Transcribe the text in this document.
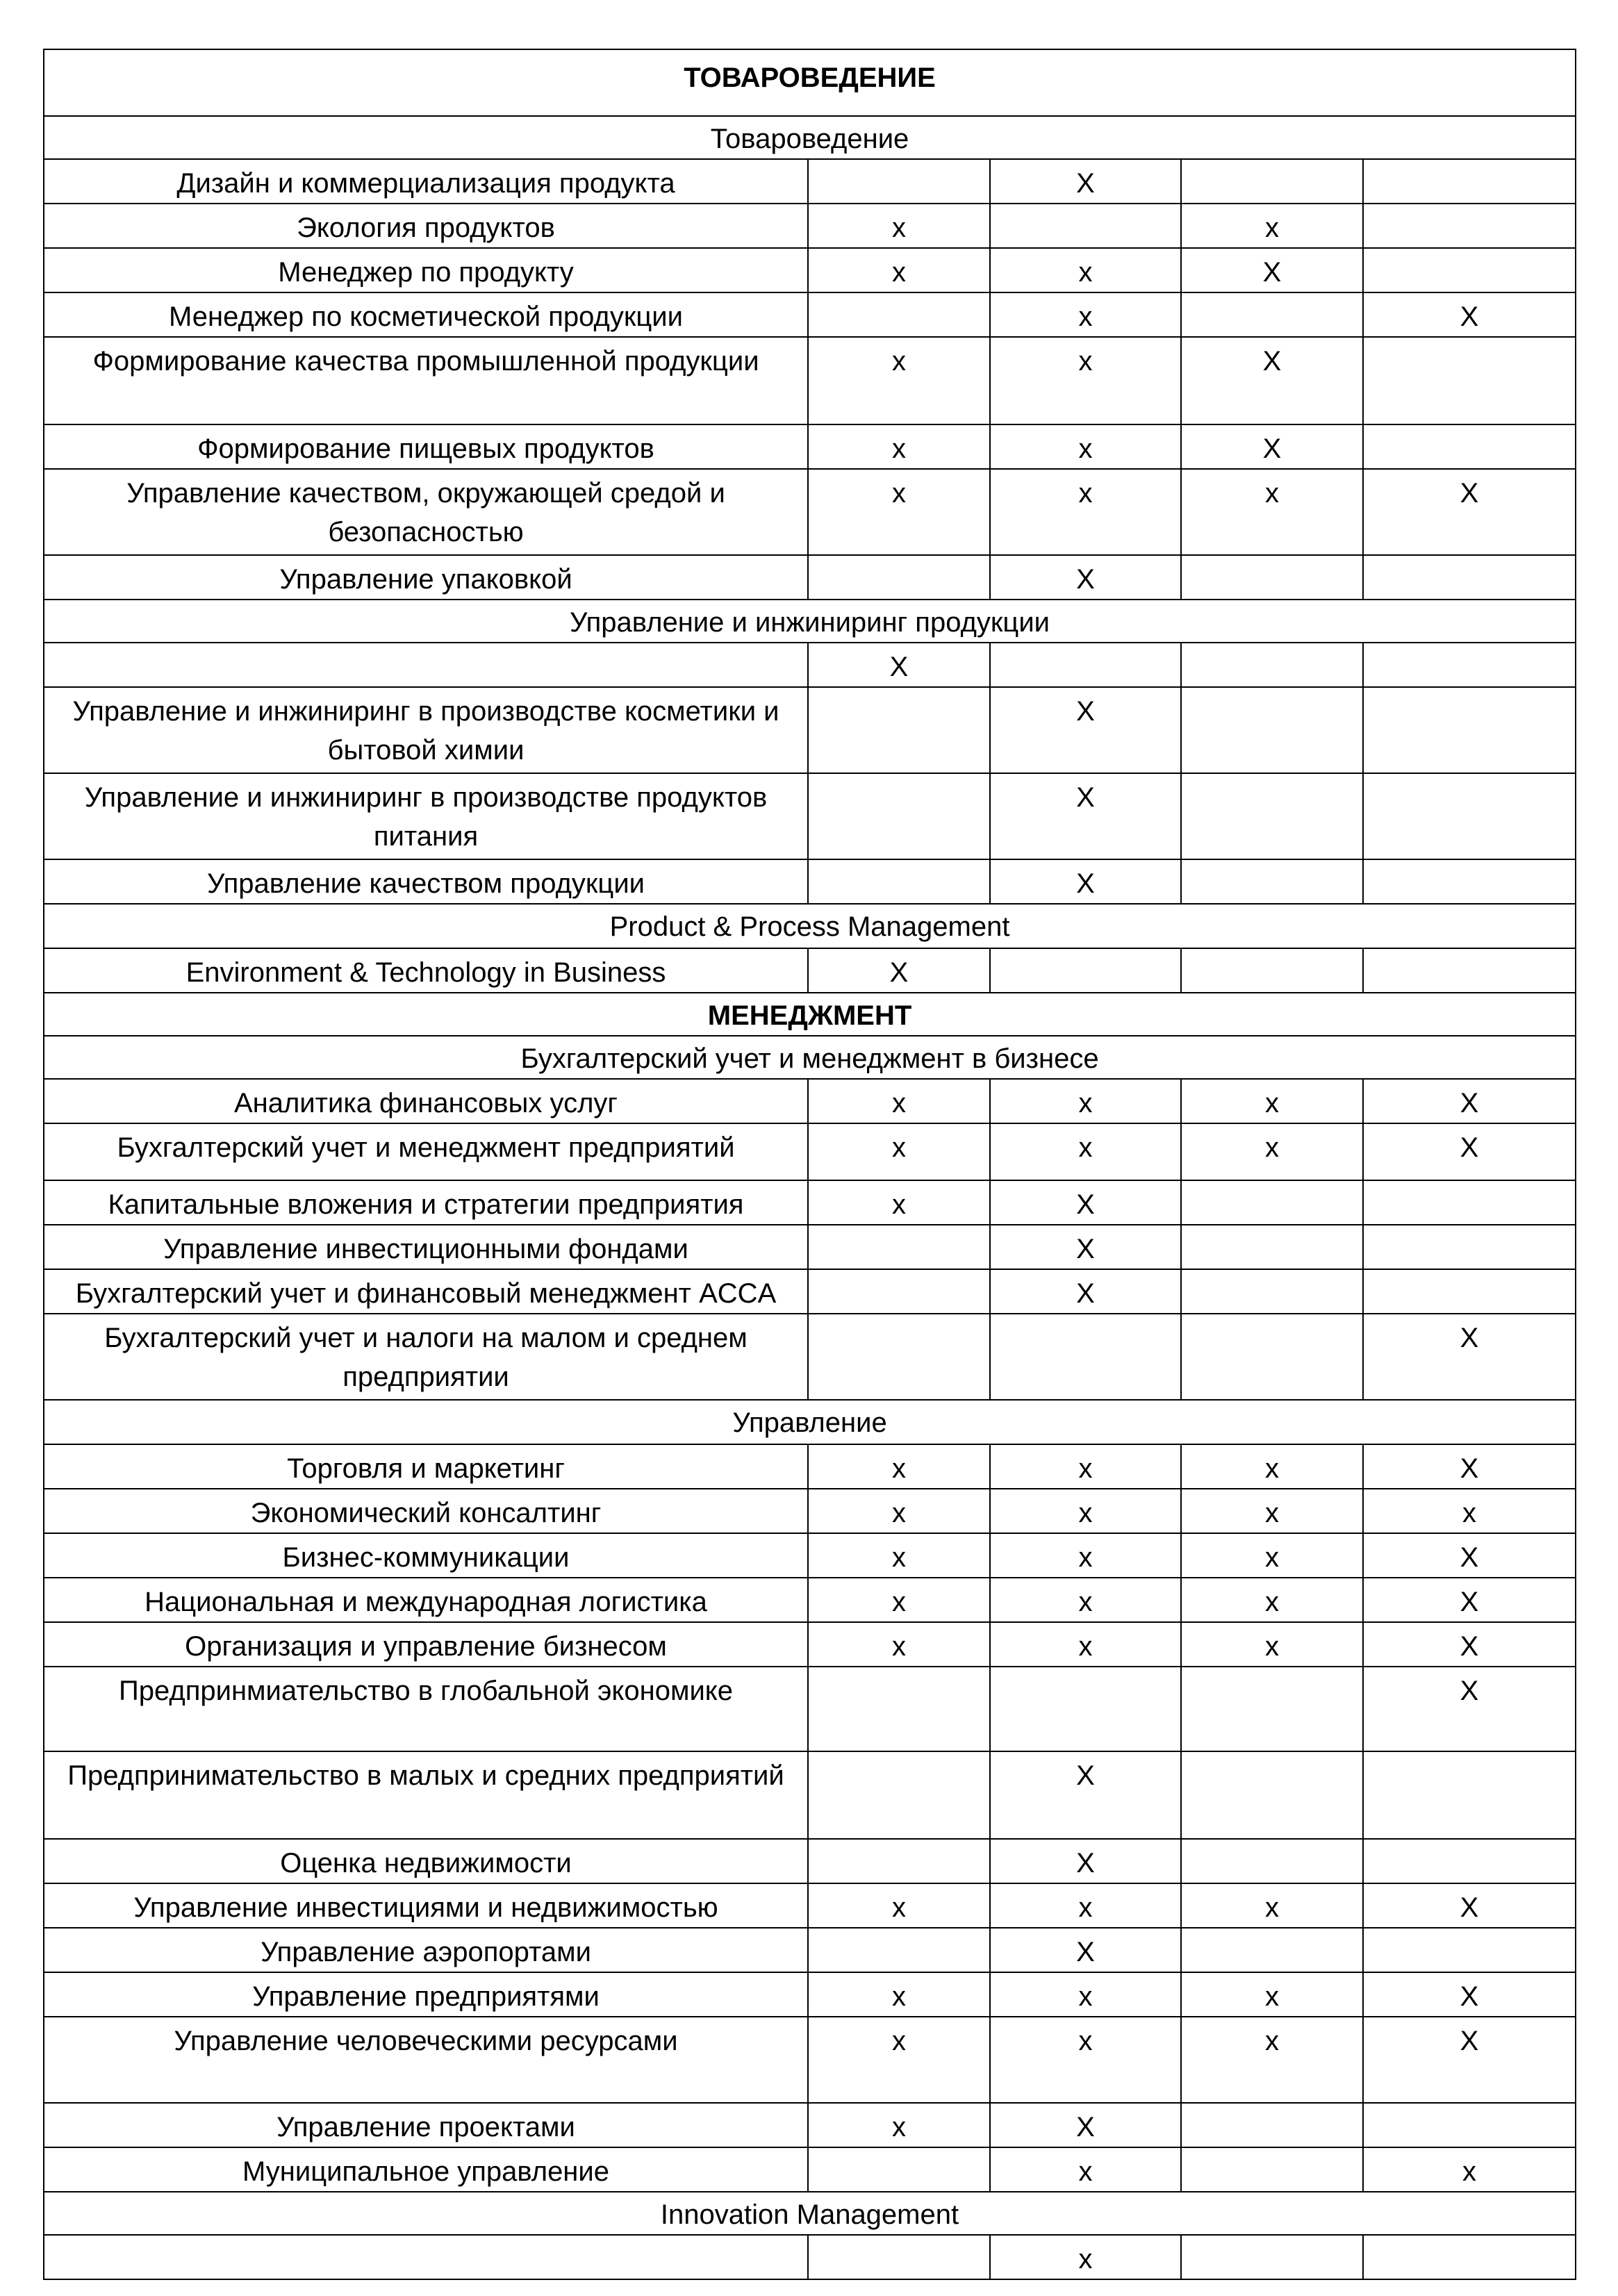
ТОВАРОВЕДЕНИЕ				
Товароведение				
Дизайн и коммерциализация продукта		X		
Экология продуктов	x		x	
Менеджер по продукту	x	x	X	
Менеджер по косметической продукции		x		X
Формирование качества промышленной продукции	x	x	X	
Формирование пищевых продуктов	x	x	X	
Управление качеством, окружающей средой и безопасностью	x	x	x	X
Управление упаковкой		X		
Управление и инжиниринг продукции				
	X			
Управление и инжиниринг в производстве косметики и бытовой химии		X		
Управление и инжиниринг в производстве продуктов питания		X		
Управление качеством продукции		X		
Product & Process Management				
Environment & Technology in Business	X			
МЕНЕДЖМЕНТ				
Бухгалтерский учет и менеджмент в бизнесе				
Аналитика финансовых услуг	x	x	x	X
Бухгалтерский учет и менеджмент предприятий	x	x	x	X
Капитальные вложения и стратегии предприятия	x	X		
Управление инвестиционными фондами		X		
Бухгалтерский учет и финансовый менеджмент ACCA		X		
Бухгалтерский учет и налоги на малом и среднем предприятии				X
Управление				
Торговля и маркетинг	x	x	x	X
Экономический консалтинг	x	x	x	x
Бизнес-коммуникации	x	x	x	X
Национальная и международная логистика	x	x	x	X
Организация и управление бизнесом	x	x	x	X
Предпринмиательство в глобальной экономике				X
Предпринимательство в малых и средних предприятий		X		
Оценка недвижимости		X		
Управление инвестициями и недвижимостью	x	x	x	X
Управление аэропортами		X		
Управление предприятями	x	x	x	X
Управление человеческими ресурсами	x	x	x	X
Управление проектами	x	X		
Муниципальное управление		x		x
Innovation Management				
		x		
